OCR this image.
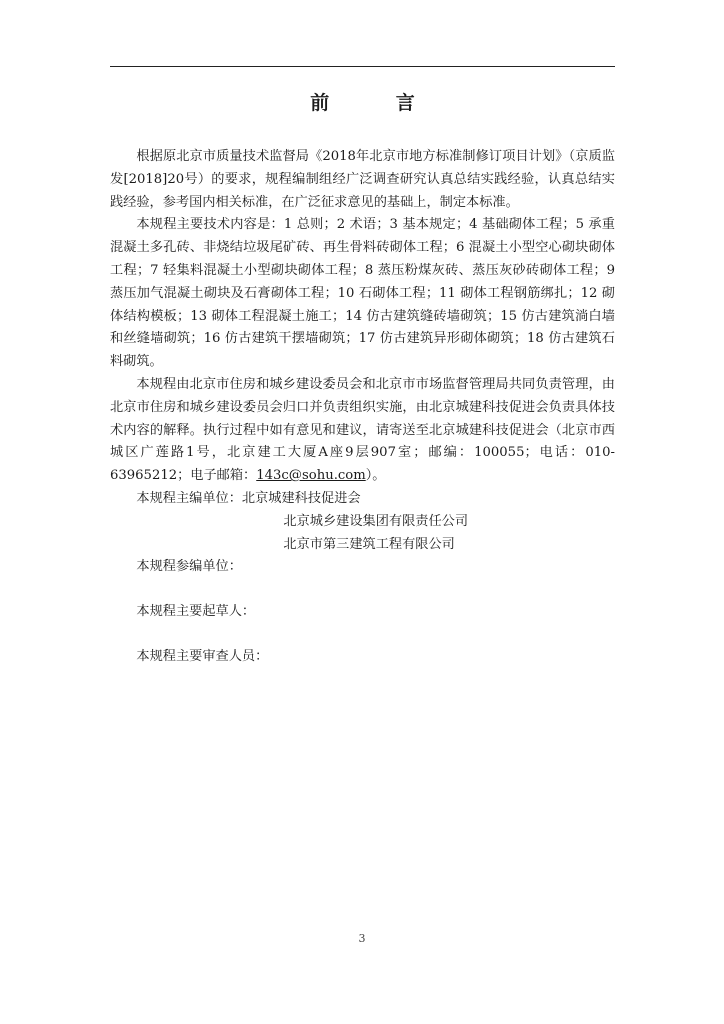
前 言

根据原北京市质量技术监督局《2018年北京市地方标准制修订项目计划》（京质监发[2018]20号）的要求，规程编制组经广泛调查研究认真总结实践经验，认真总结实践经验，参考国内相关标准，在广泛征求意见的基础上，制定本标准。

本规程主要技术内容是：1 总则；2 术语；3 基本规定；4 基础砌体工程；5 承重混凝土多孔砖、非烧结垃圾尾矿砖、再生骨料砖砌体工程；6 混凝土小型空心砌块砌体工程；7 轻集料混凝土小型砌块砌体工程；8 蒸压粉煤灰砖、蒸压灰砂砖砌体工程；9 蒸压加气混凝土砌块及石膏砌体工程；10 石砌体工程；11 砌体工程钢筋绑扎；12 砌体结构模板；13 砌体工程混凝土施工；14 仿古建筑缝砖墙砌筑；15 仿古建筑淌白墙和丝缝墙砌筑；16 仿古建筑干摆墙砌筑；17 仿古建筑异形砌体砌筑；18 仿古建筑石料砌筑。

本规程由北京市住房和城乡建设委员会和北京市市场监督管理局共同负责管理，由北京市住房和城乡建设委员会归口并负责组织实施，由北京城建科技促进会负责具体技术内容的解释。执行过程中如有意见和建议，请寄送至北京城建科技促进会（北京市西城区广莲路1号，北京建工大厦A座9层907室；邮编：100055；电话：010-63965212；电子邮箱：143c@sohu.com）。

本规程主编单位：北京城建科技促进会

北京城乡建设集团有限责任公司

北京市第三建筑工程有限公司

本规程参编单位：

本规程主要起草人：

本规程主要审查人员：

3
